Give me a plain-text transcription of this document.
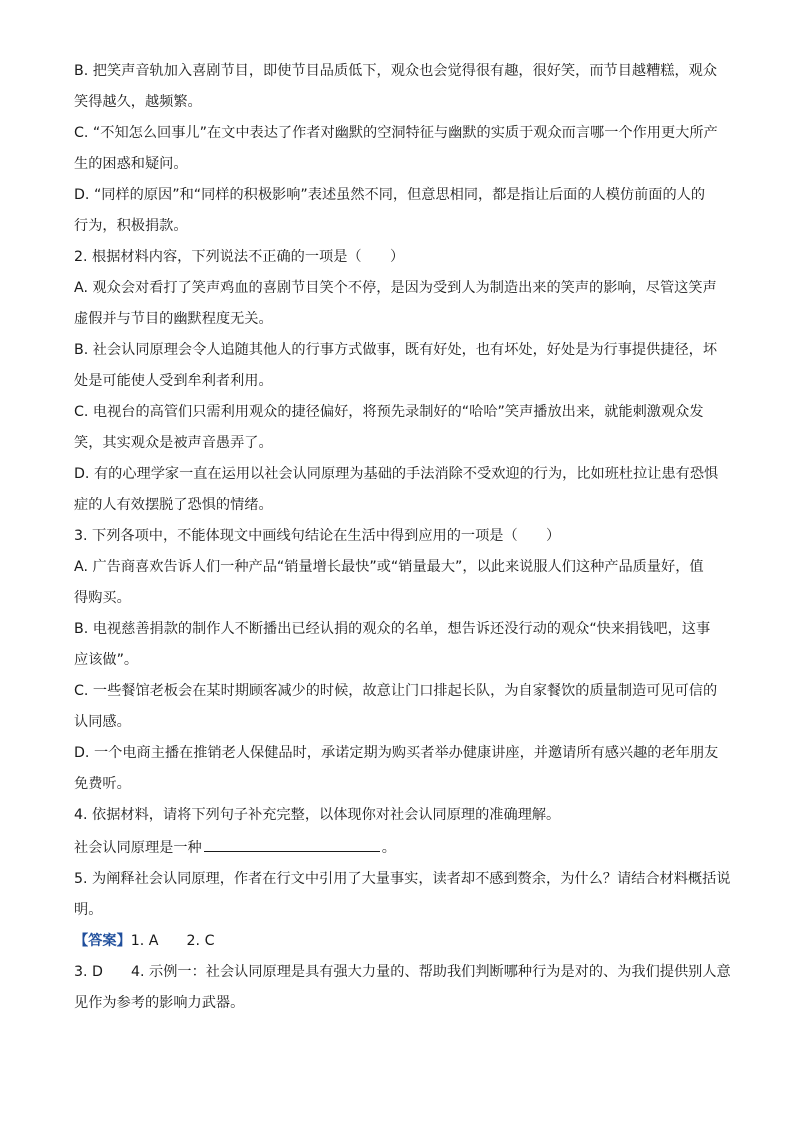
B. 把笑声音轨加入喜剧节目，即使节目品质低下，观众也会觉得很有趣，很好笑，而节目越糟糕，观众

笑得越久，越频繁。

C. “不知怎么回事儿”在文中表达了作者对幽默的空洞特征与幽默的实质于观众而言哪一个作用更大所产

生的困惑和疑问。

D. “同样的原因”和“同样的积极影响”表述虽然不同，但意思相同，都是指让后面的人模仿前面的人的

行为，积极捐款。

2. 根据材料内容，下列说法不正确的一项是（　　）

A. 观众会对看打了笑声鸡血的喜剧节目笑个不停，是因为受到人为制造出来的笑声的影响，尽管这笑声

虚假并与节目的幽默程度无关。

B. 社会认同原理会令人追随其他人的行事方式做事，既有好处，也有坏处，好处是为行事提供捷径，坏

处是可能使人受到牟利者利用。

C. 电视台的高管们只需利用观众的捷径偏好，将预先录制好的“哈哈”笑声播放出来，就能刺激观众发

笑，其实观众是被声音愚弄了。

D. 有的心理学家一直在运用以社会认同原理为基础的手法消除不受欢迎的行为，比如班杜拉让患有恐惧

症的人有效摆脱了恐惧的情绪。

3. 下列各项中，不能体现文中画线句结论在生活中得到应用的一项是（　　）

A. 广告商喜欢告诉人们一种产品“销量增长最快”或“销量最大”，以此来说服人们这种产品质量好，值

得购买。

B. 电视慈善捐款的制作人不断播出已经认捐的观众的名单，想告诉还没行动的观众“快来捐钱吧，这事

应该做”。

C. 一些餐馆老板会在某时期顾客减少的时候，故意让门口排起长队，为自家餐饮的质量制造可见可信的

认同感。

D. 一个电商主播在推销老人保健品时，承诺定期为购买者举办健康讲座，并邀请所有感兴趣的老年朋友

免费听。

4. 依据材料，请将下列句子补充完整，以体现你对社会认同原理的准确理解。

社会认同原理是一种	。

5. 为阐释社会认同原理，作者在行文中引用了大量事实，读者却不感到赘余，为什么？请结合材料概括说

明。

【答案】1. A 2. C

3. D 4. 示例一：社会认同原理是具有强大力量的、帮助我们判断哪种行为是对的、为我们提供别人意

见作为参考的影响力武器。
